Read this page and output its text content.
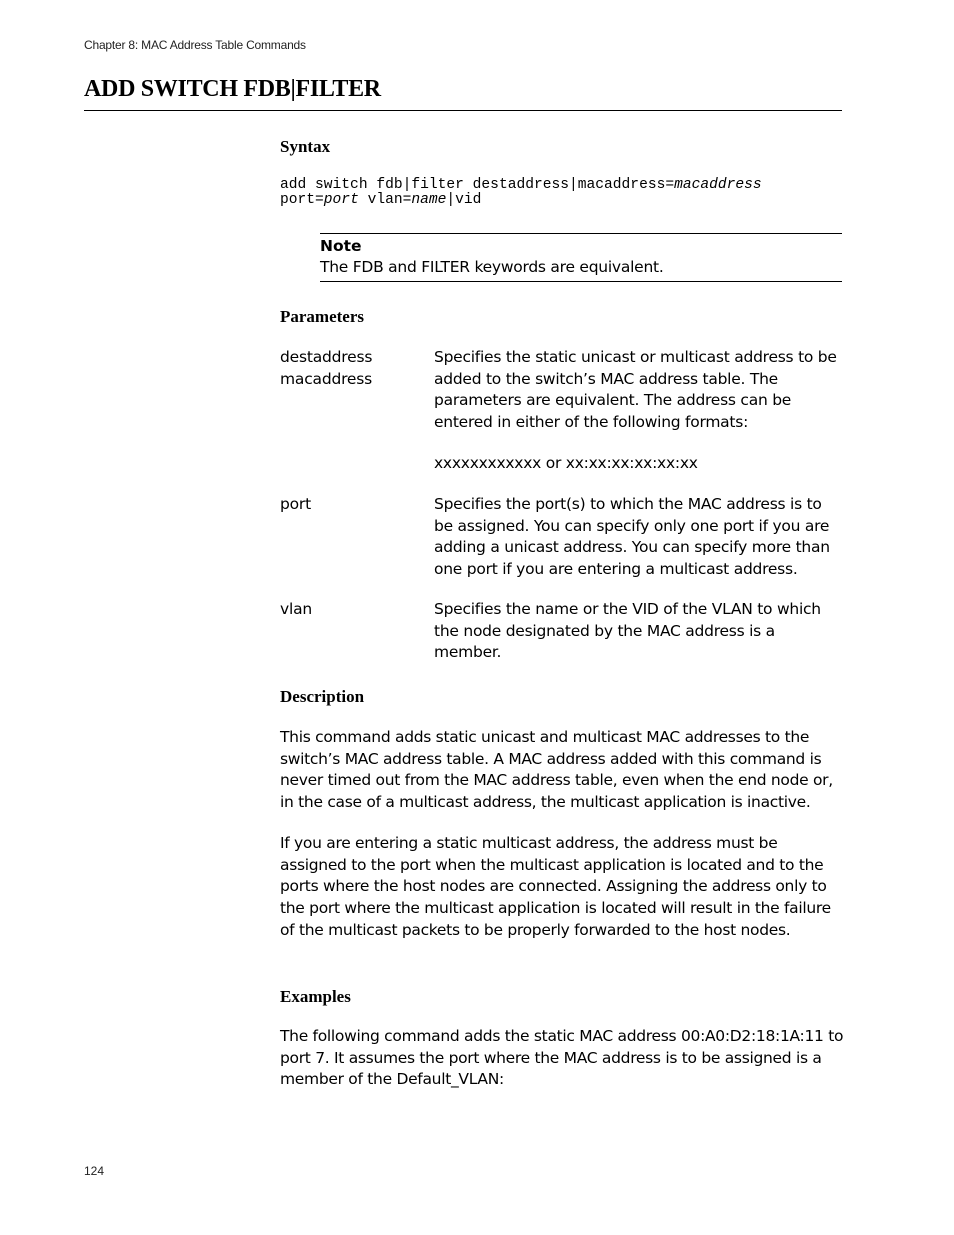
Chapter 8: MAC Address Table Commands
ADD SWITCH FDB|FILTER
Syntax
add switch fdb|filter destaddress|macaddress=macaddress
port=port vlan=name|vid
Note
The FDB and FILTER keywords are equivalent.
Parameters
destaddress
macaddress
Specifies the static unicast or multicast address to be added to the switch’s MAC address table. The parameters are equivalent. The address can be entered in either of the following formats:
xxxxxxxxxxxx or xx:xx:xx:xx:xx:xx
port	Specifies the port(s) to which the MAC address is to be assigned. You can specify only one port if you are adding a unicast address. You can specify more than one port if you are entering a multicast address.
vlan	Specifies the name or the VID of the VLAN to which the node designated by the MAC address is a member.
Description

This command adds static unicast and multicast MAC addresses to the switch’s MAC address table. A MAC address added with this command is never timed out from the MAC address table, even when the end node or, in the case of a multicast address, the multicast application is inactive.

If you are entering a static multicast address, the address must be assigned to the port when the multicast application is located and to the ports where the host nodes are connected. Assigning the address only to the port where the multicast application is located will result in the failure of the multicast packets to be properly forwarded to the host nodes.

Examples

The following command adds the static MAC address 00:A0:D2:18:1A:11 to port 7. It assumes the port where the MAC address is to be assigned is a member of the Default_VLAN:

124
